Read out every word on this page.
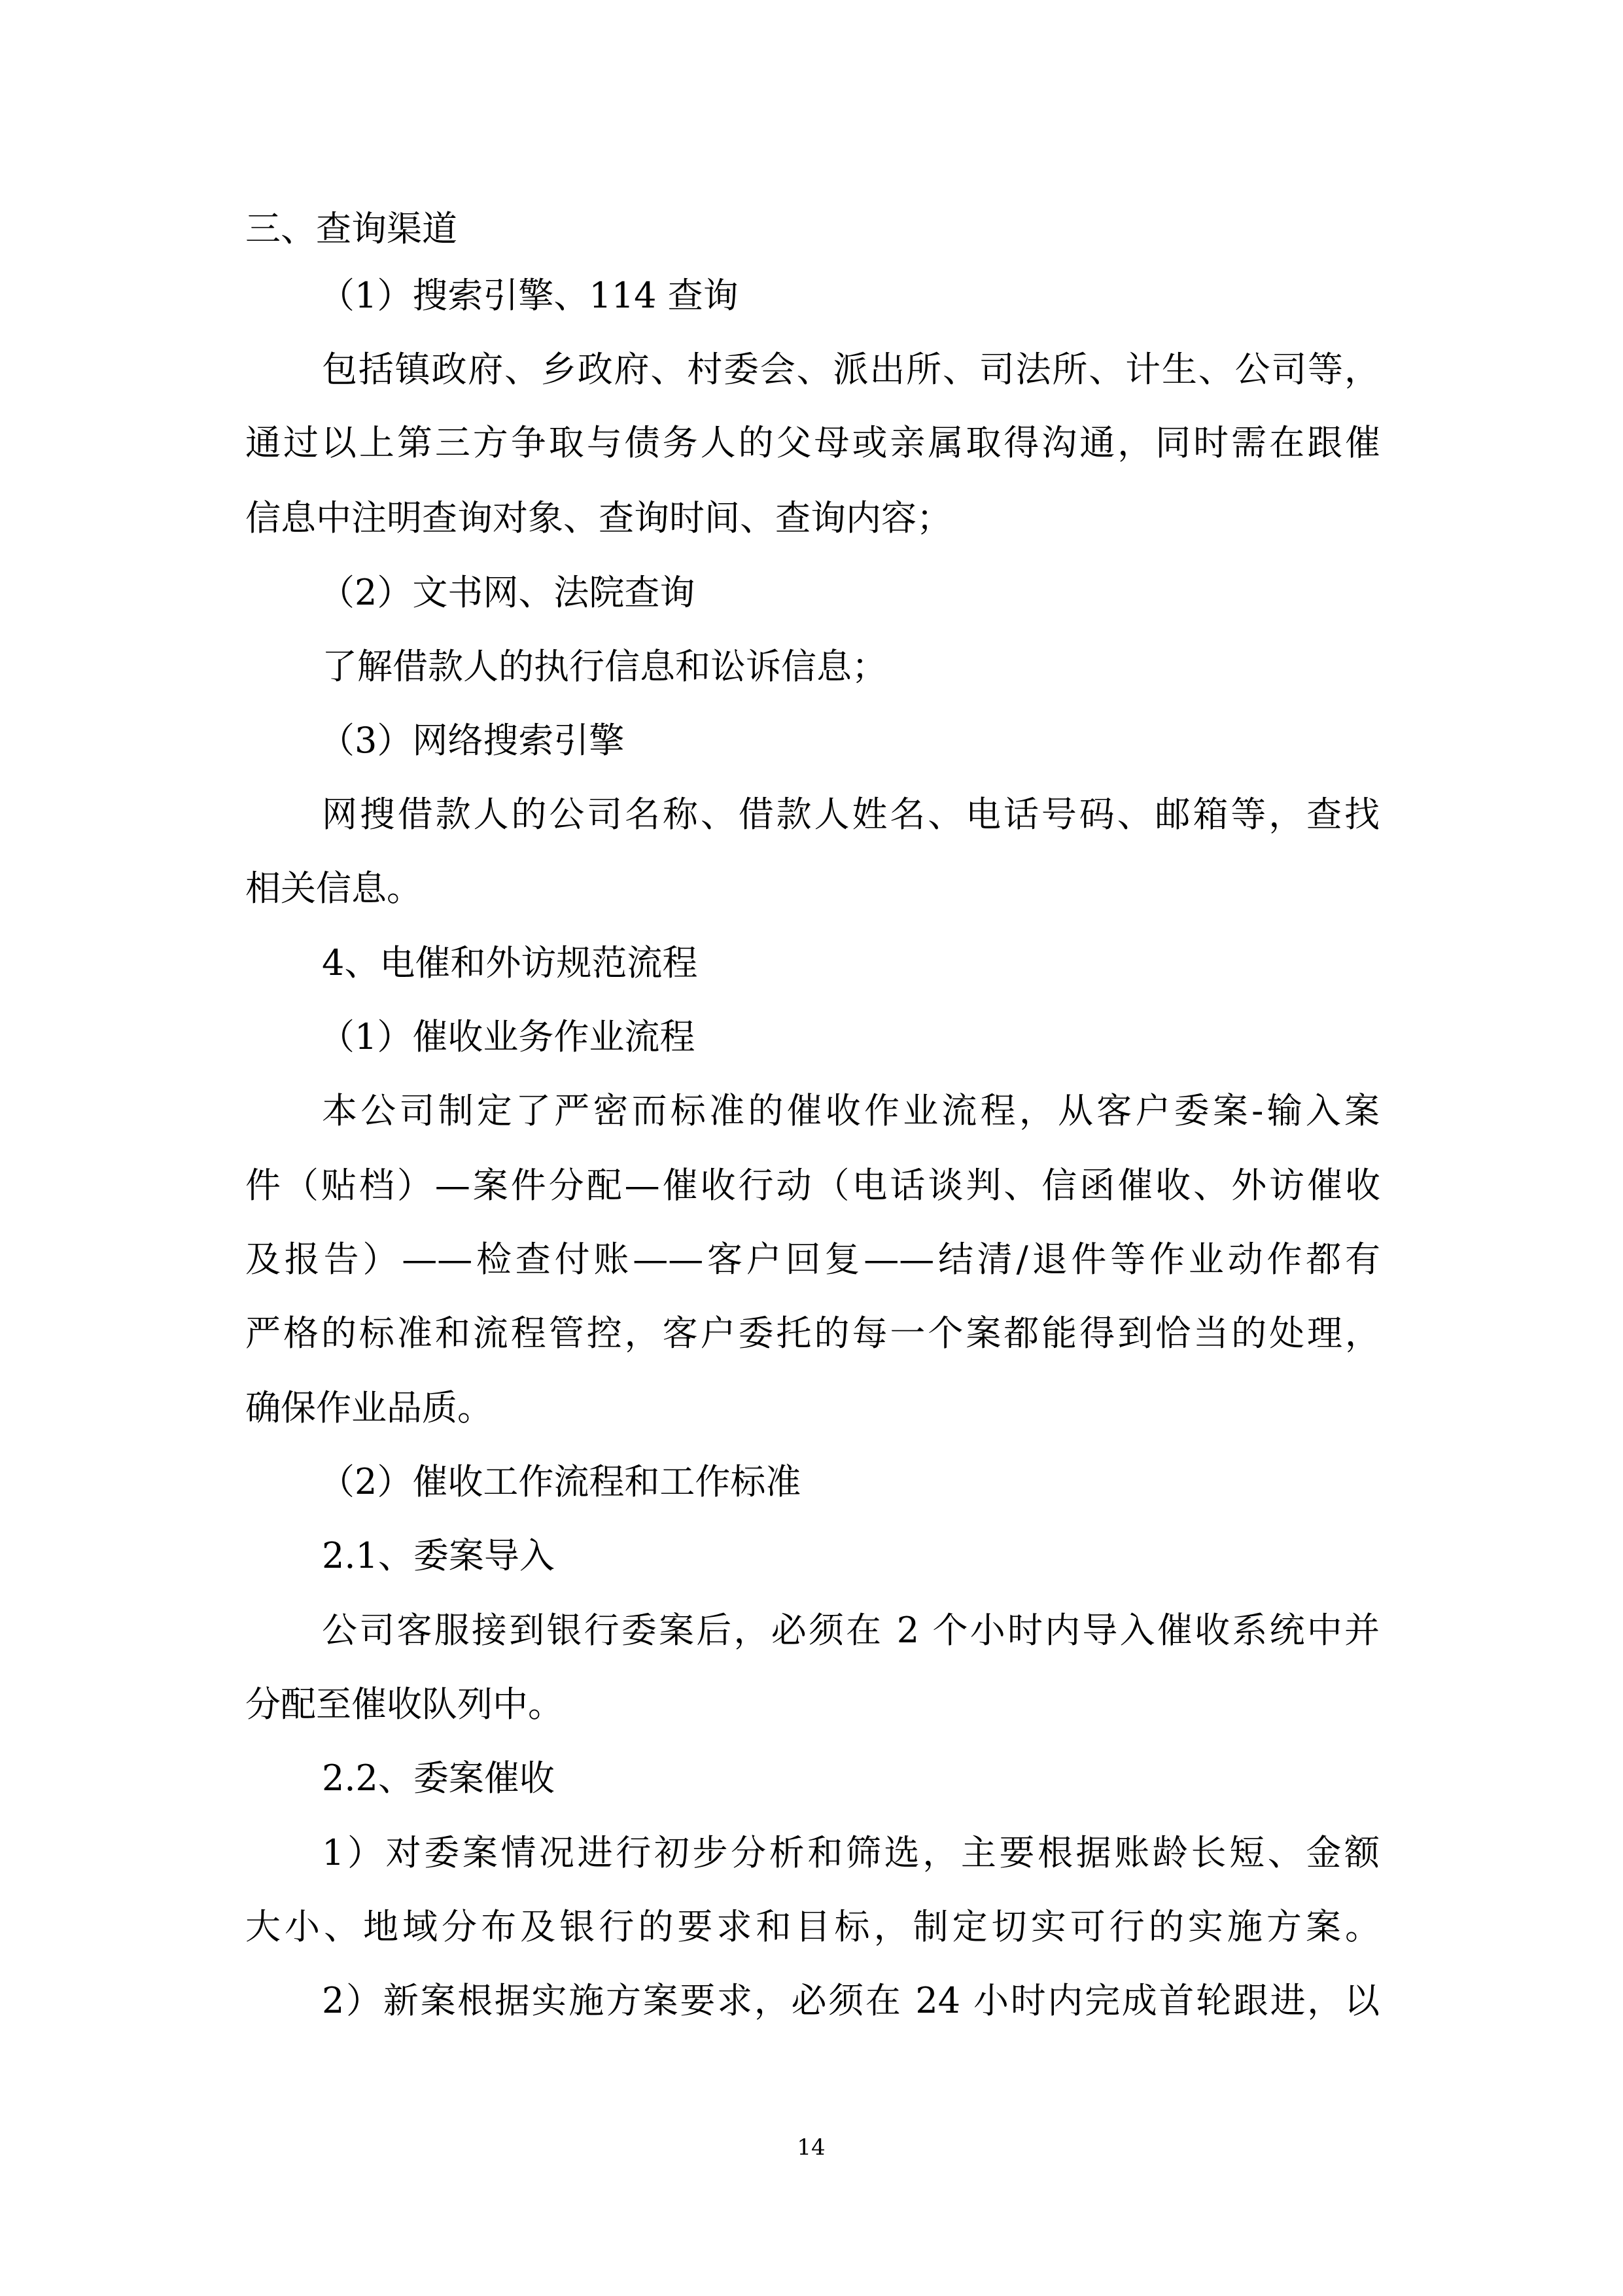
三、查询渠道
（1）搜索引擎、114 查询
包括镇政府、乡政府、村委会、派出所、司法所、计生、公司等，
通过以上第三方争取与债务人的父母或亲属取得沟通，同时需在跟催
信息中注明查询对象、查询时间、查询内容；
（2）文书网、法院查询
了解借款人的执行信息和讼诉信息；
（3）网络搜索引擎
网搜借款人的公司名称、借款人姓名、电话号码、邮箱等，查找
相关信息。
4、电催和外访规范流程
（1）催收业务作业流程
本公司制定了严密而标准的催收作业流程，从客户委案-输入案
件（贴档）—案件分配—催收行动（电话谈判、信函催收、外访催收
及报告）——检查付账——客户回复——结清/退件等作业动作都有
严格的标准和流程管控，客户委托的每一个案都能得到恰当的处理，
确保作业品质。
（2）催收工作流程和工作标准
2.1、委案导入
公司客服接到银行委案后，必须在 2 个小时内导入催收系统中并
分配至催收队列中。
2.2、委案催收
1）对委案情况进行初步分析和筛选，主要根据账龄长短、金额
大小、地域分布及银行的要求和目标，制定切实可行的实施方案。
2）新案根据实施方案要求，必须在 24 小时内完成首轮跟进，以
14
